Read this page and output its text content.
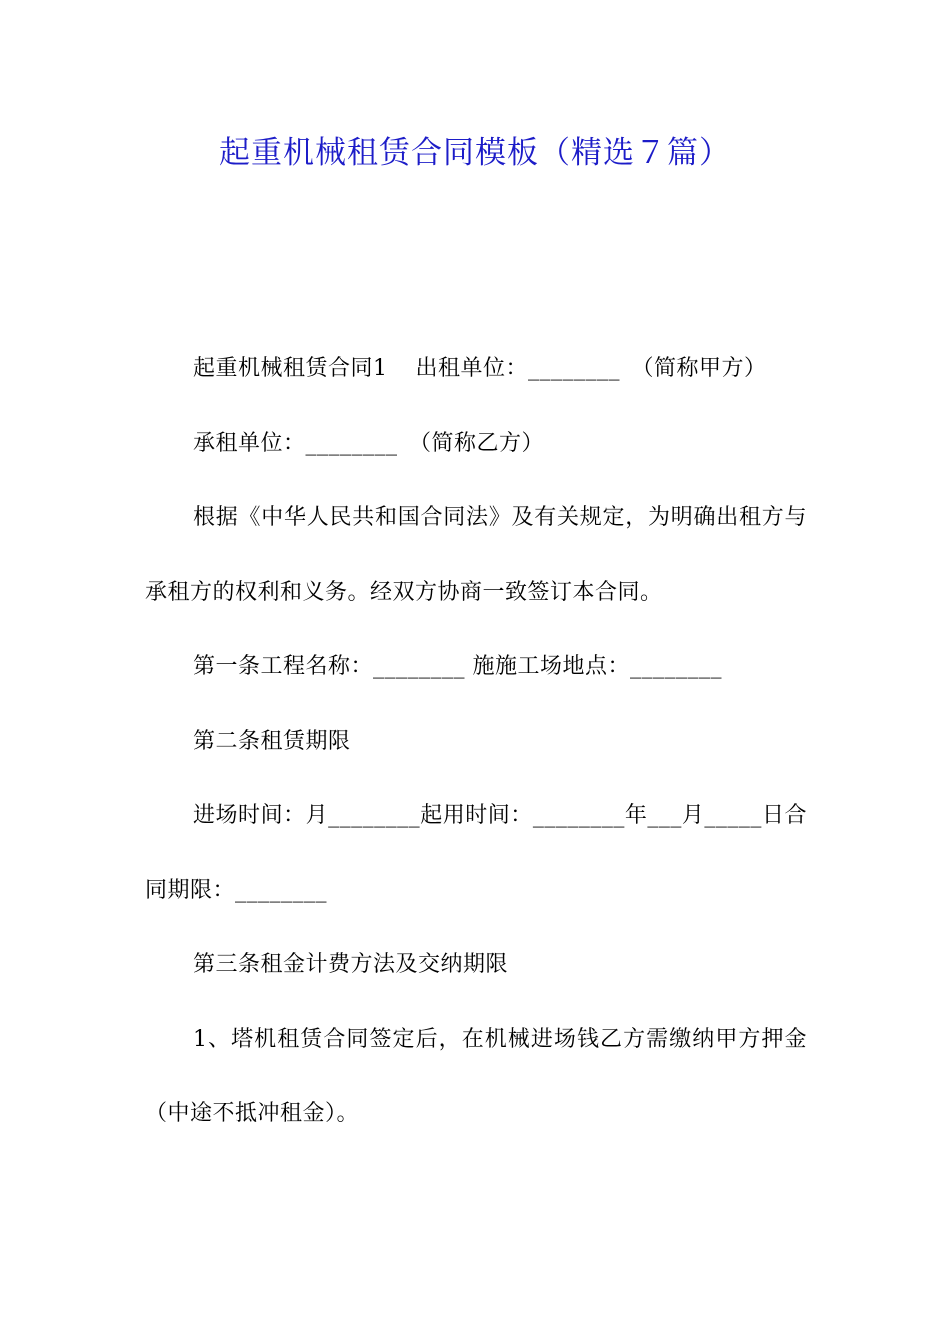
起重机械租赁合同模板（精选７篇）

起重机械租赁合同1 出租单位：________　（简称甲方）

承租单位：________　（简称乙方）

根据《中华人民共和国合同法》及有关规定，为明确出租方与承租方的权利和义务。经双方协商一致签订本合同。

第一条工程名称：________ 施施工场地点：________

第二条租赁期限

进场时间：月________起用时间：________年___月_____日合同期限：________

第三条租金计费方法及交纳期限

1、塔机租赁合同签定后，在机械进场钱乙方需缴纳甲方押金（中途不抵冲租金）。
